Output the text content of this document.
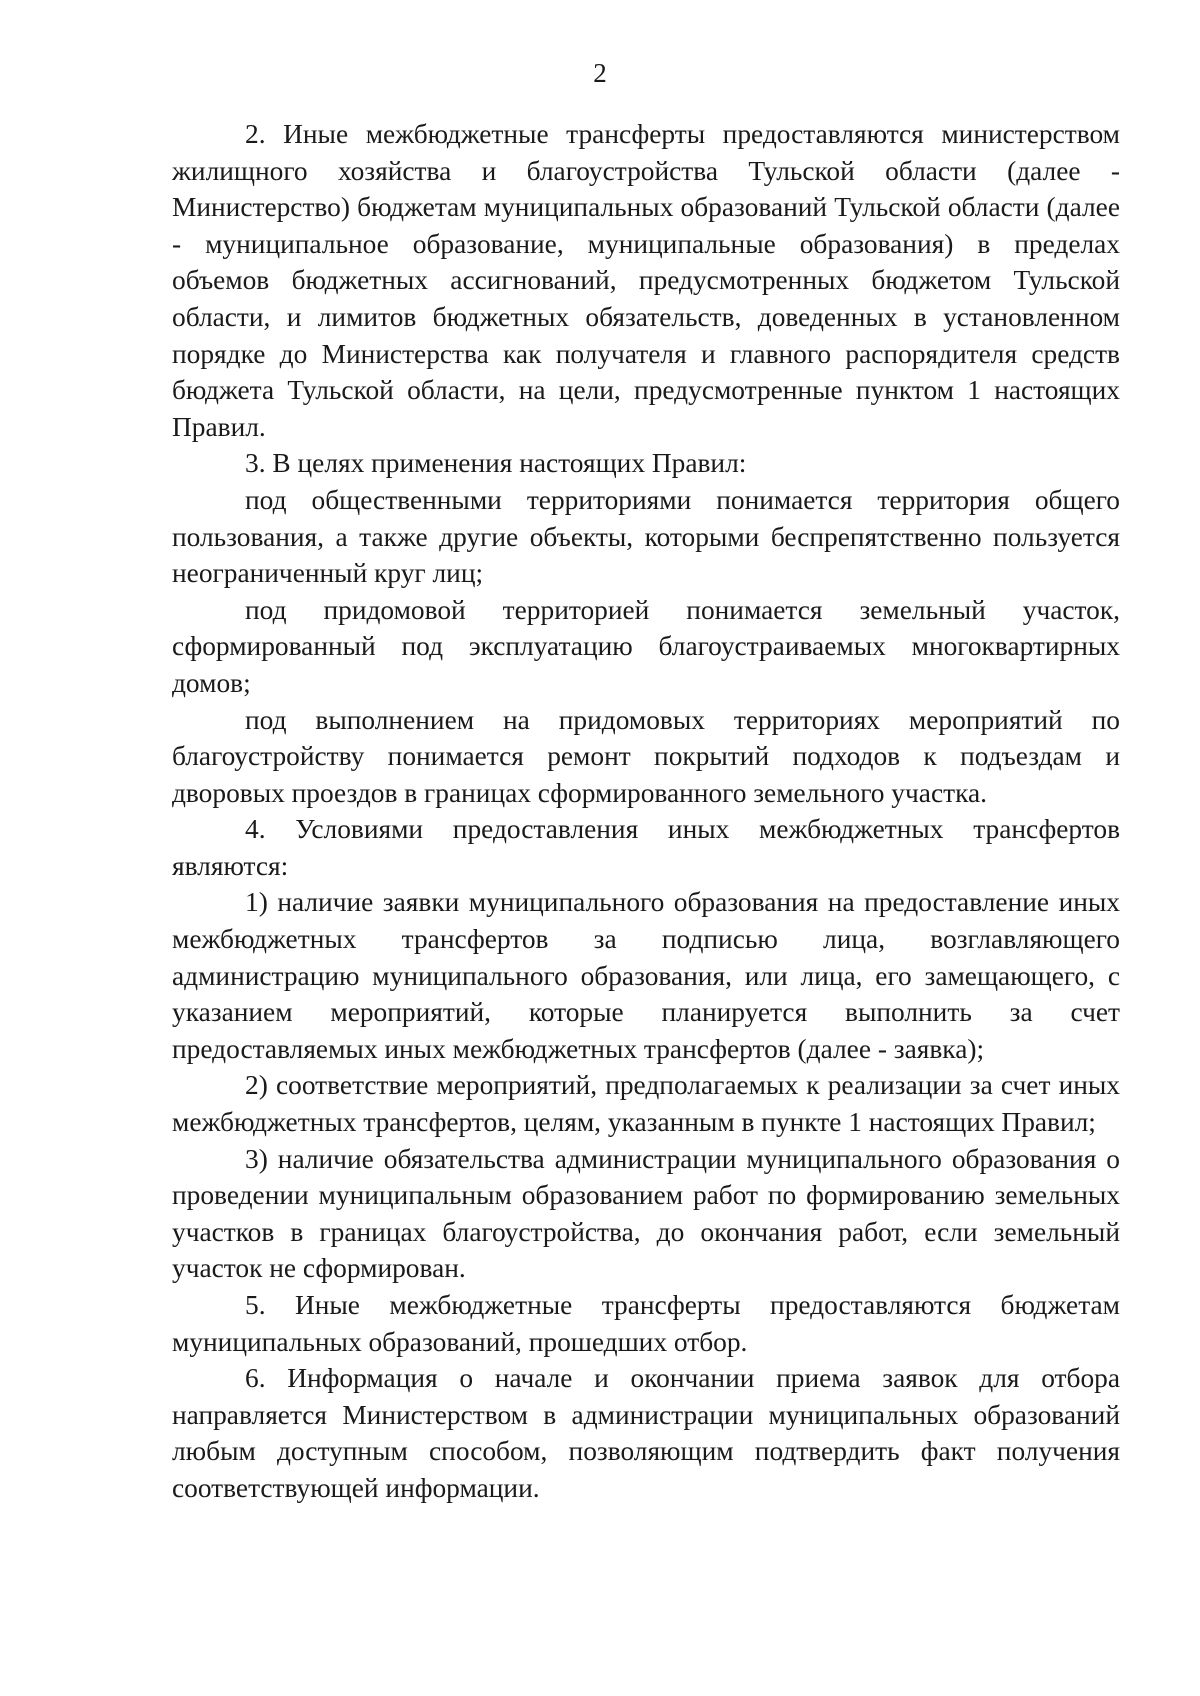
2

2. Иные межбюджетные трансферты предоставляются министерством жилищного хозяйства и благоустройства Тульской области (далее - Министерство) бюджетам муниципальных образований Тульской области (далее - муниципальное образование, муниципальные образования) в пределах объемов бюджетных ассигнований, предусмотренных бюджетом Тульской области, и лимитов бюджетных обязательств, доведенных в установленном порядке до Министерства как получателя и главного распорядителя средств бюджета Тульской области, на цели, предусмотренные пунктом 1 настоящих Правил.

3. В целях применения настоящих Правил:

под общественными территориями понимается территория общего пользования, а также другие объекты, которыми беспрепятственно пользуется неограниченный круг лиц;

под придомовой территорией понимается земельный участок, сформированный под эксплуатацию благоустраиваемых многоквартирных домов;

под выполнением на придомовых территориях мероприятий по благоустройству понимается ремонт покрытий подходов к подъездам и дворовых проездов в границах сформированного земельного участка.

4. Условиями предоставления иных межбюджетных трансфертов являются:

1) наличие заявки муниципального образования на предоставление иных межбюджетных трансфертов за подписью лица, возглавляющего администрацию муниципального образования, или лица, его замещающего, с указанием мероприятий, которые планируется выполнить за счет предоставляемых иных межбюджетных трансфертов (далее - заявка);

2) соответствие мероприятий, предполагаемых к реализации за счет иных межбюджетных трансфертов, целям, указанным в пункте 1 настоящих Правил;

3) наличие обязательства администрации муниципального образования о проведении муниципальным образованием работ по формированию земельных участков в границах благоустройства, до окончания работ, если земельный участок не сформирован.

5. Иные межбюджетные трансферты предоставляются бюджетам муниципальных образований, прошедших отбор.

6. Информация о начале и окончании приема заявок для отбора направляется Министерством в администрации муниципальных образований любым доступным способом, позволяющим подтвердить факт получения соответствующей информации.
